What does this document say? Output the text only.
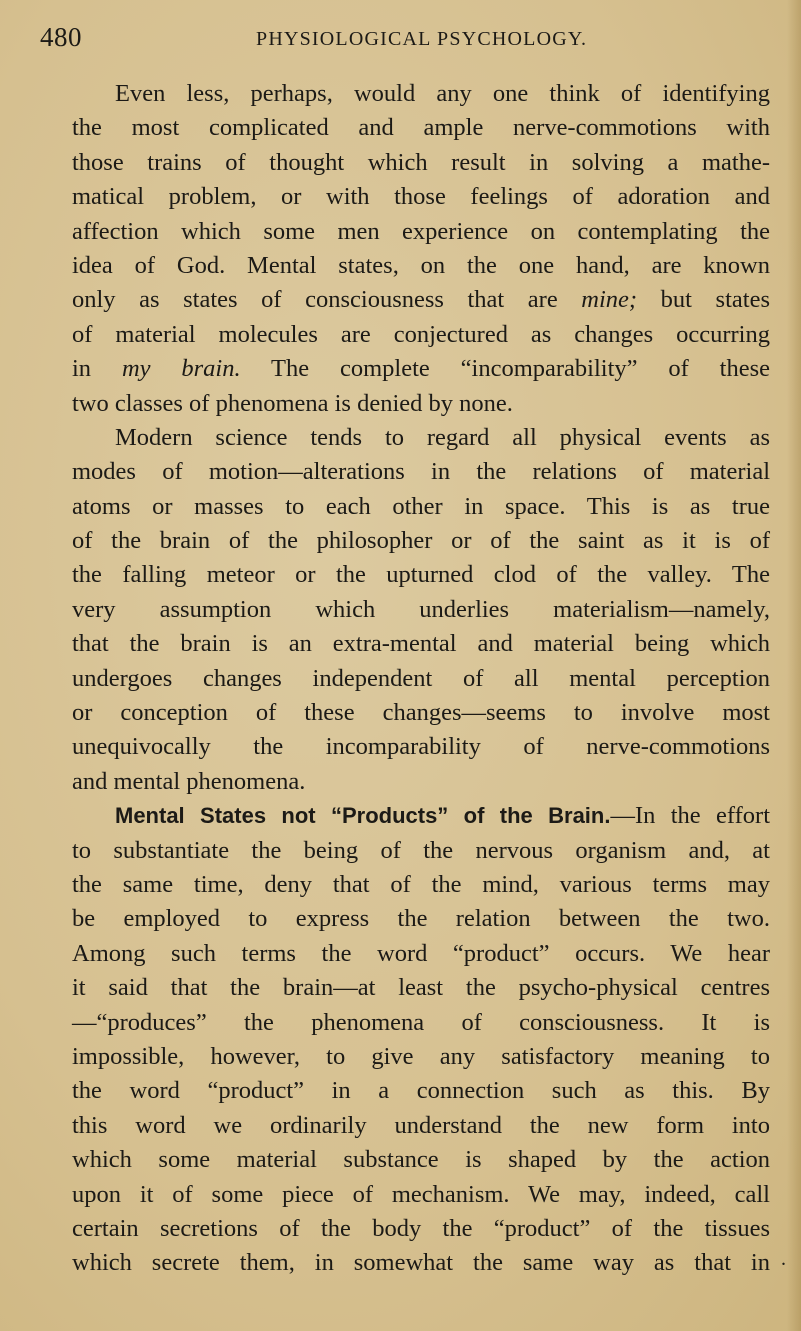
480	PHYSIOLOGICAL PSYCHOLOGY.
Even less, perhaps, would any one think of identifying
the most complicated and ample nerve-commotions with
those trains of thought which result in solving a mathe-
matical problem, or with those feelings of adoration and
affection which some men experience on contemplating the
idea of God. Mental states, on the one hand, are known
only as states of consciousness that are mine; but states
of material molecules are conjectured as changes occurring
in my brain. The complete “incomparability” of these
two classes of phenomena is denied by none.
Modern science tends to regard all physical events as
modes of motion—alterations in the relations of material
atoms or masses to each other in space. This is as true
of the brain of the philosopher or of the saint as it is of
the falling meteor or the upturned clod of the valley. The
very assumption which underlies materialism—namely,
that the brain is an extra-mental and material being which
undergoes changes independent of all mental perception
or conception of these changes—seems to involve most
unequivocally the incomparability of nerve-commotions
and mental phenomena.
Mental States not “Products” of the Brain.—In the effort
to substantiate the being of the nervous organism and, at
the same time, deny that of the mind, various terms may
be employed to express the relation between the two.
Among such terms the word “product” occurs. We hear
it said that the brain—at least the psycho-physical centres
—“produces” the phenomena of consciousness. It is
impossible, however, to give any satisfactory meaning to
the word “product” in a connection such as this. By
this word we ordinarily understand the new form into
which some material substance is shaped by the action
upon it of some piece of mechanism. We may, indeed, call
certain secretions of the body the “product” of the tissues
which secrete them, in somewhat the same way as that in .
